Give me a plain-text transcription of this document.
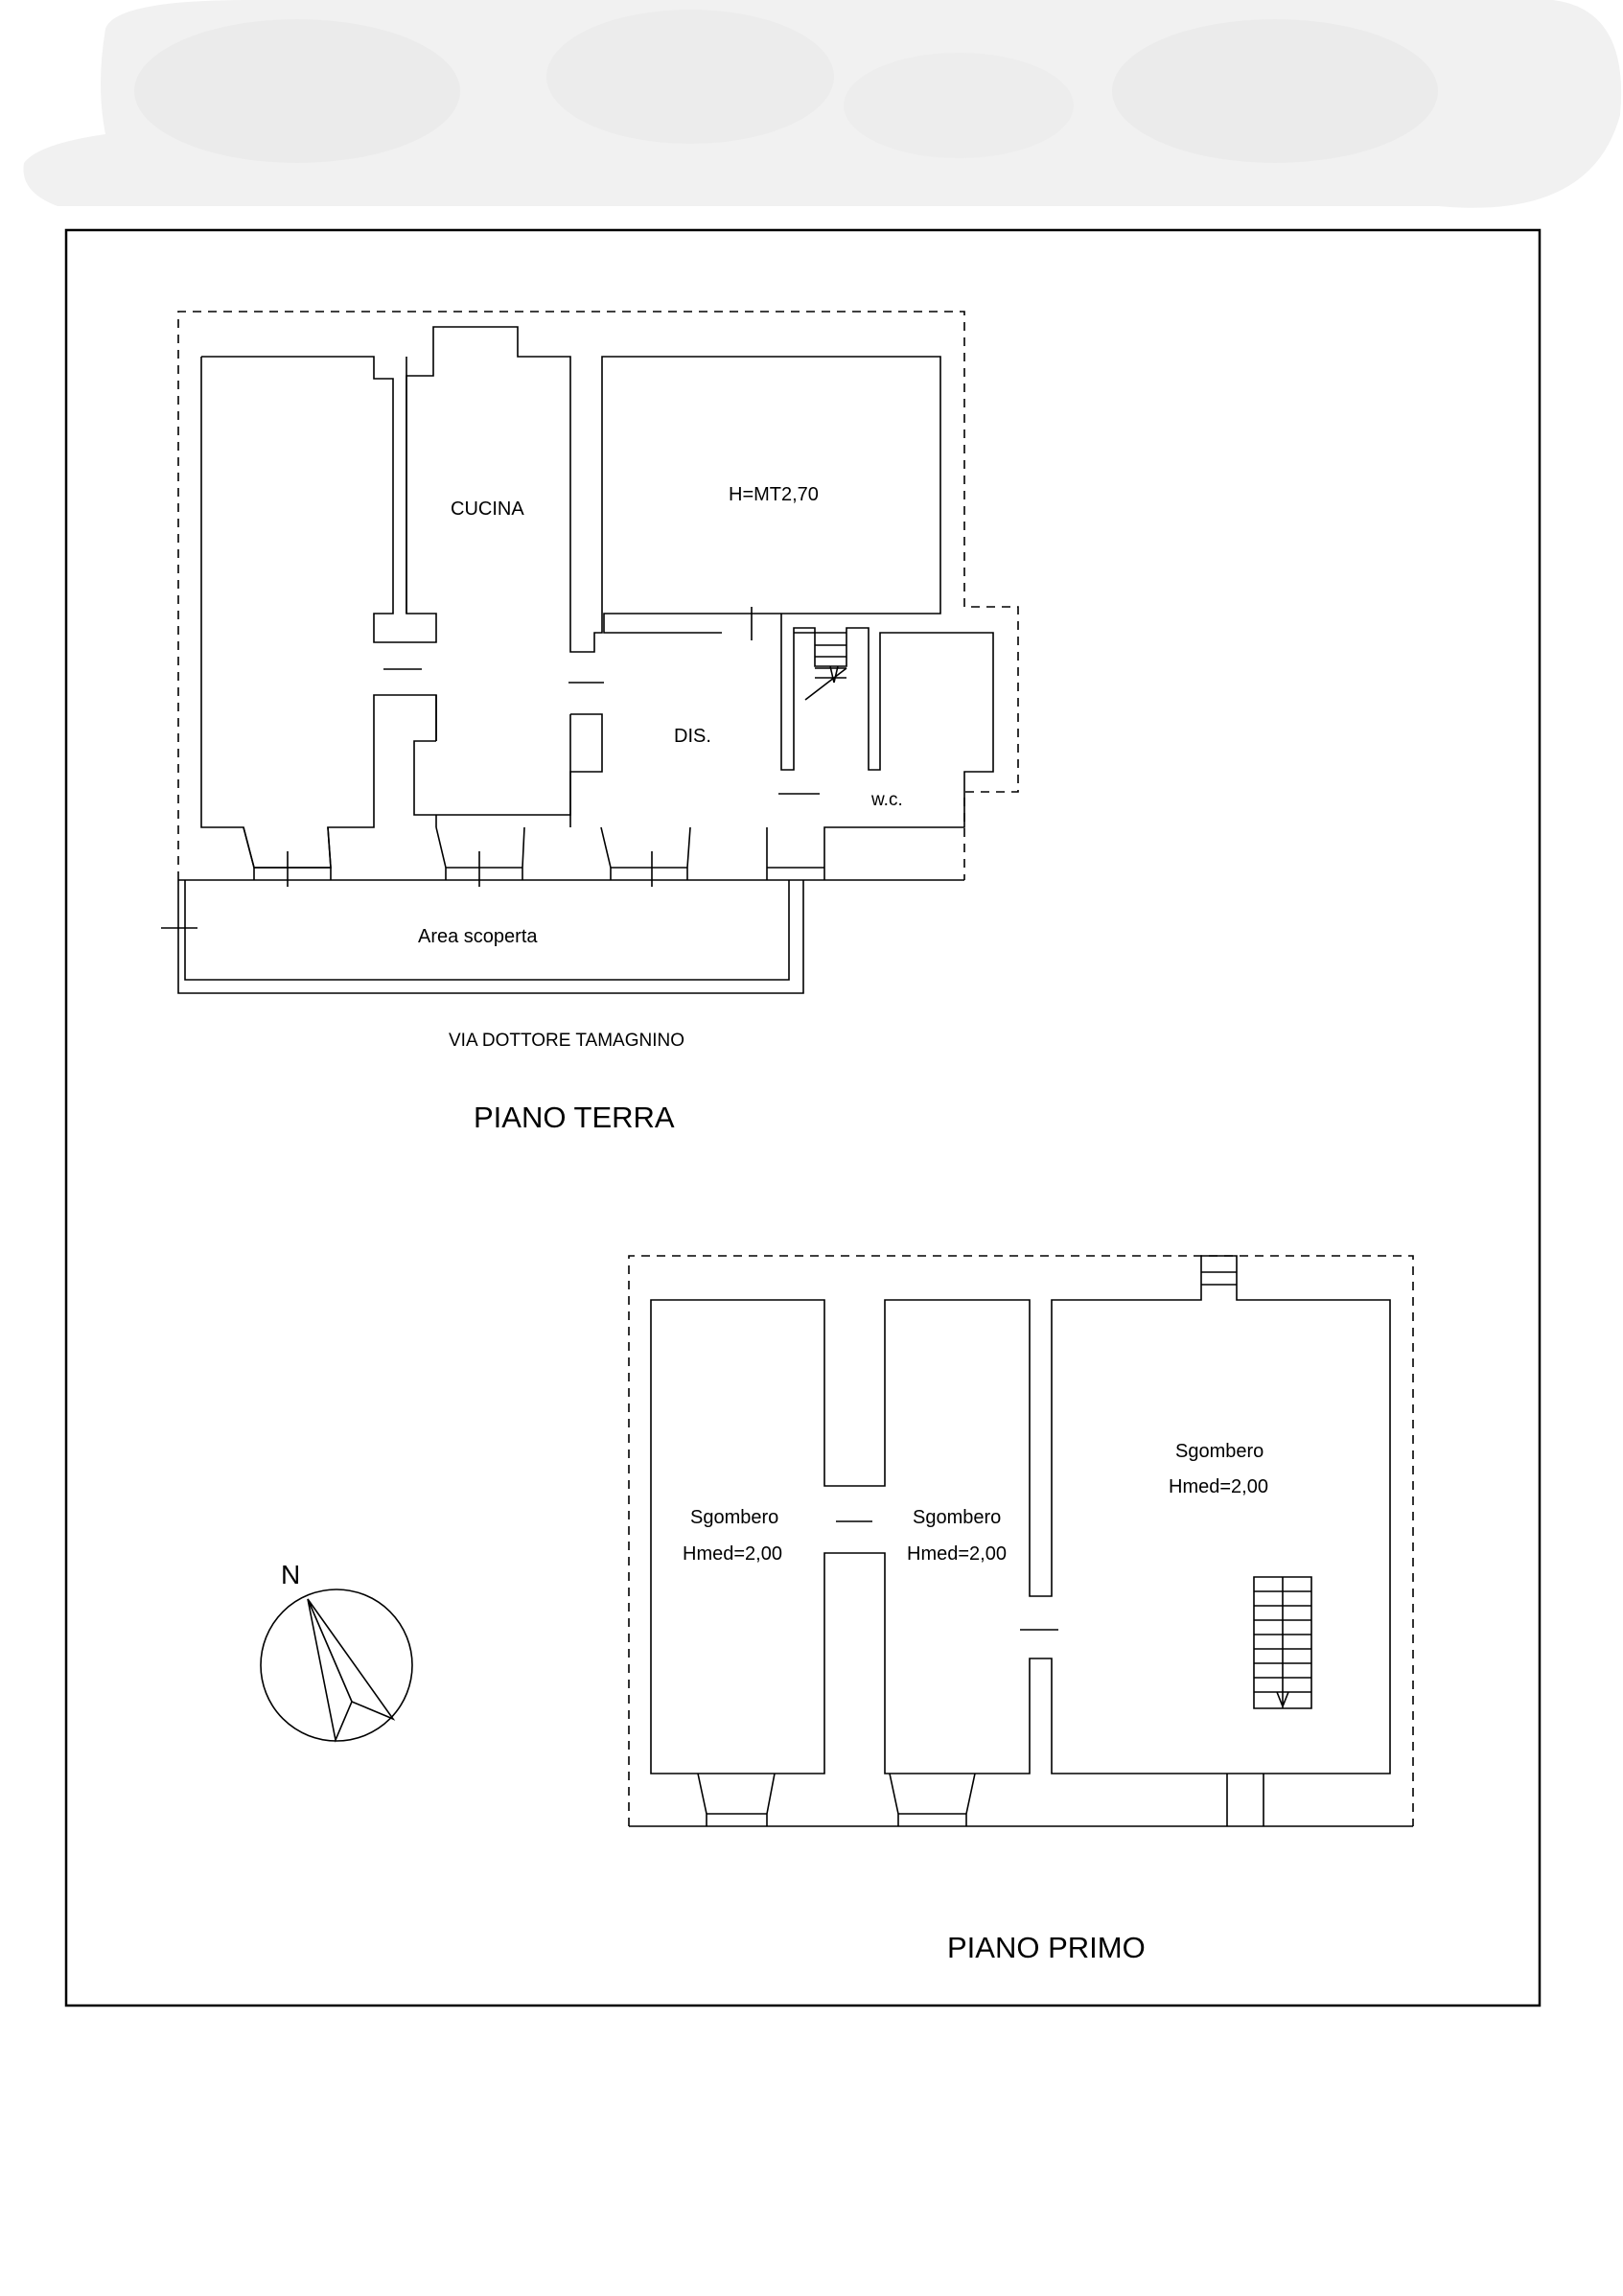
CUCINA
H=MT2,70
DIS.
w.c.
Area scoperta
VIA DOTTORE TAMAGNINO
PIANO TERRA
Sgombero
Hmed=2,00
Sgombero
Hmed=2,00
Sgombero
Hmed=2,00
PIANO PRIMO
N
